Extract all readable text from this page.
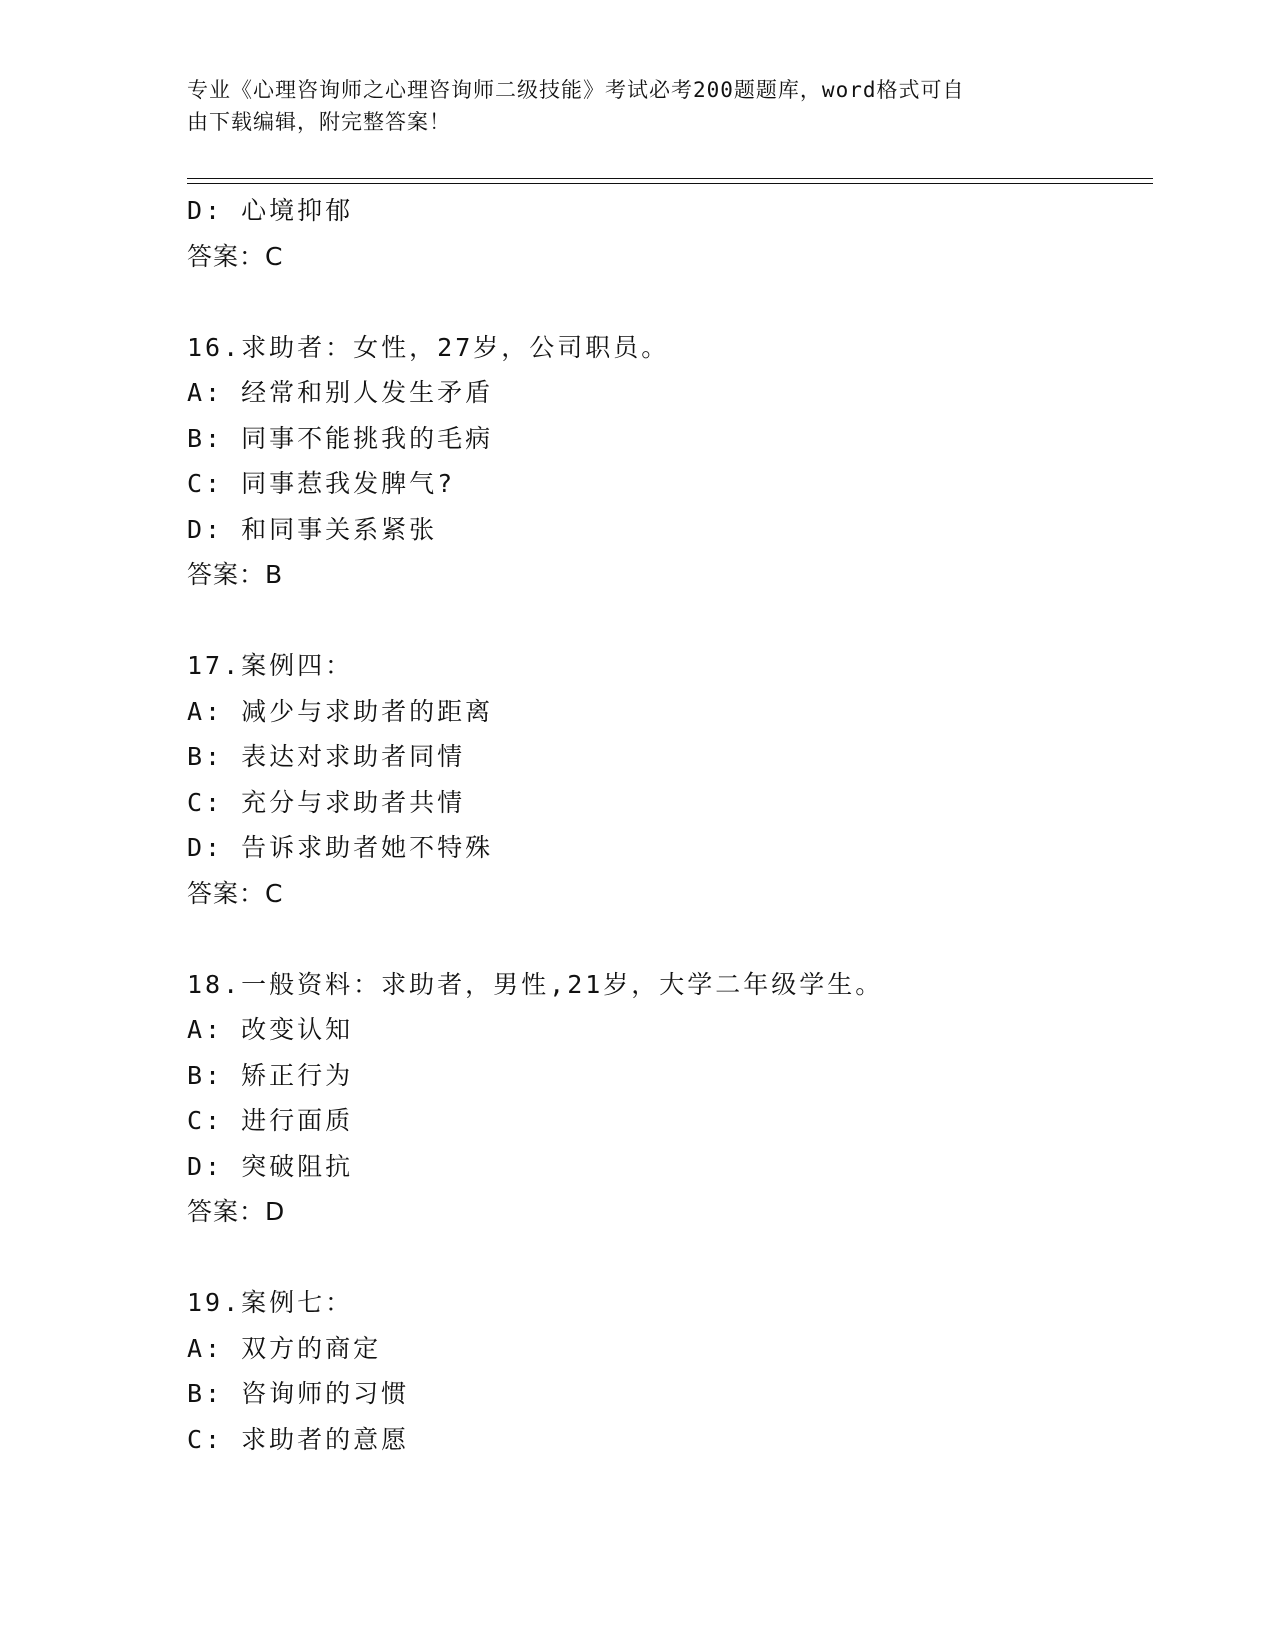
专业《心理咨询师之心理咨询师二级技能》考试必考200题题库，word格式可自
由下载编辑，附完整答案！
D: 心境抑郁
答案：C
16.求助者：女性，27岁，公司职员。
A: 经常和别人发生矛盾
B: 同事不能挑我的毛病
C: 同事惹我发脾气?
D: 和同事关系紧张
答案：B
17.案例四：
A: 减少与求助者的距离
B: 表达对求助者同情
C: 充分与求助者共情
D: 告诉求助者她不特殊
答案：C
18.一般资料：求助者，男性,21岁，大学二年级学生。
A: 改变认知
B: 矫正行为
C: 进行面质
D: 突破阻抗
答案：D
19.案例七：
A: 双方的商定
B: 咨询师的习惯
C: 求助者的意愿
